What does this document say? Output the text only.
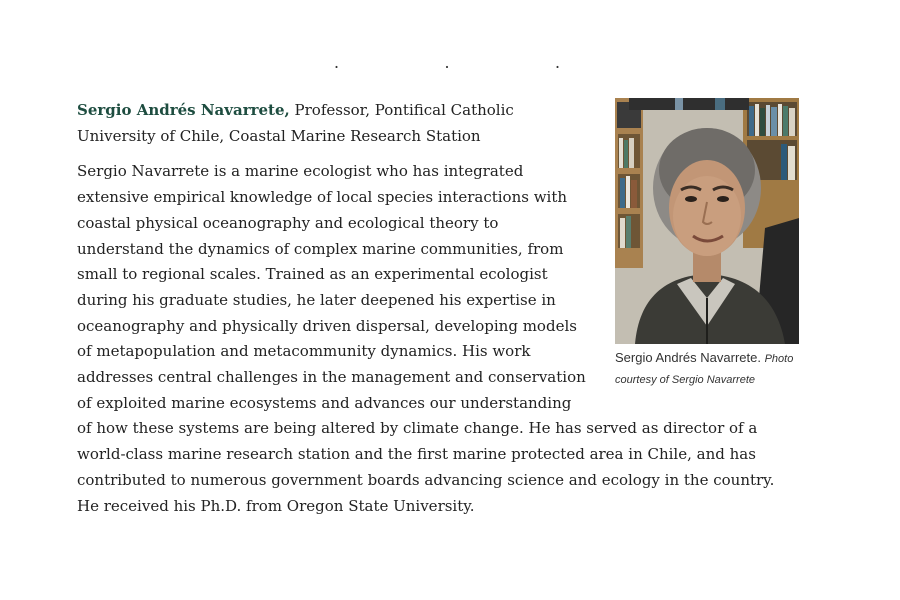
· · ·
Sergio Andrés Navarrete. Photo courtesy of Sergio Navarrete

Sergio Andrés Navarrete, Professor, Pontifical Catholic University of Chile, Coastal Marine Research Station

Sergio Navarrete is a marine ecologist who has integrated extensive empirical knowledge of local species interactions with coastal physical oceanography and ecological theory to understand the dynamics of complex marine communities, from small to regional scales. Trained as an experimental ecologist during his graduate studies, he later deepened his expertise in oceanography and physically driven dispersal, developing models of metapopulation and metacommunity dynamics. His work addresses central challenges in the management and conservation of exploited marine ecosystems and advances our understanding of how these systems are being altered by climate change. He has served as director of a world-class marine research station and the first marine protected area in Chile, and has contributed to numerous government boards advancing science and ecology in the country. He received his Ph.D. from Oregon State University.
